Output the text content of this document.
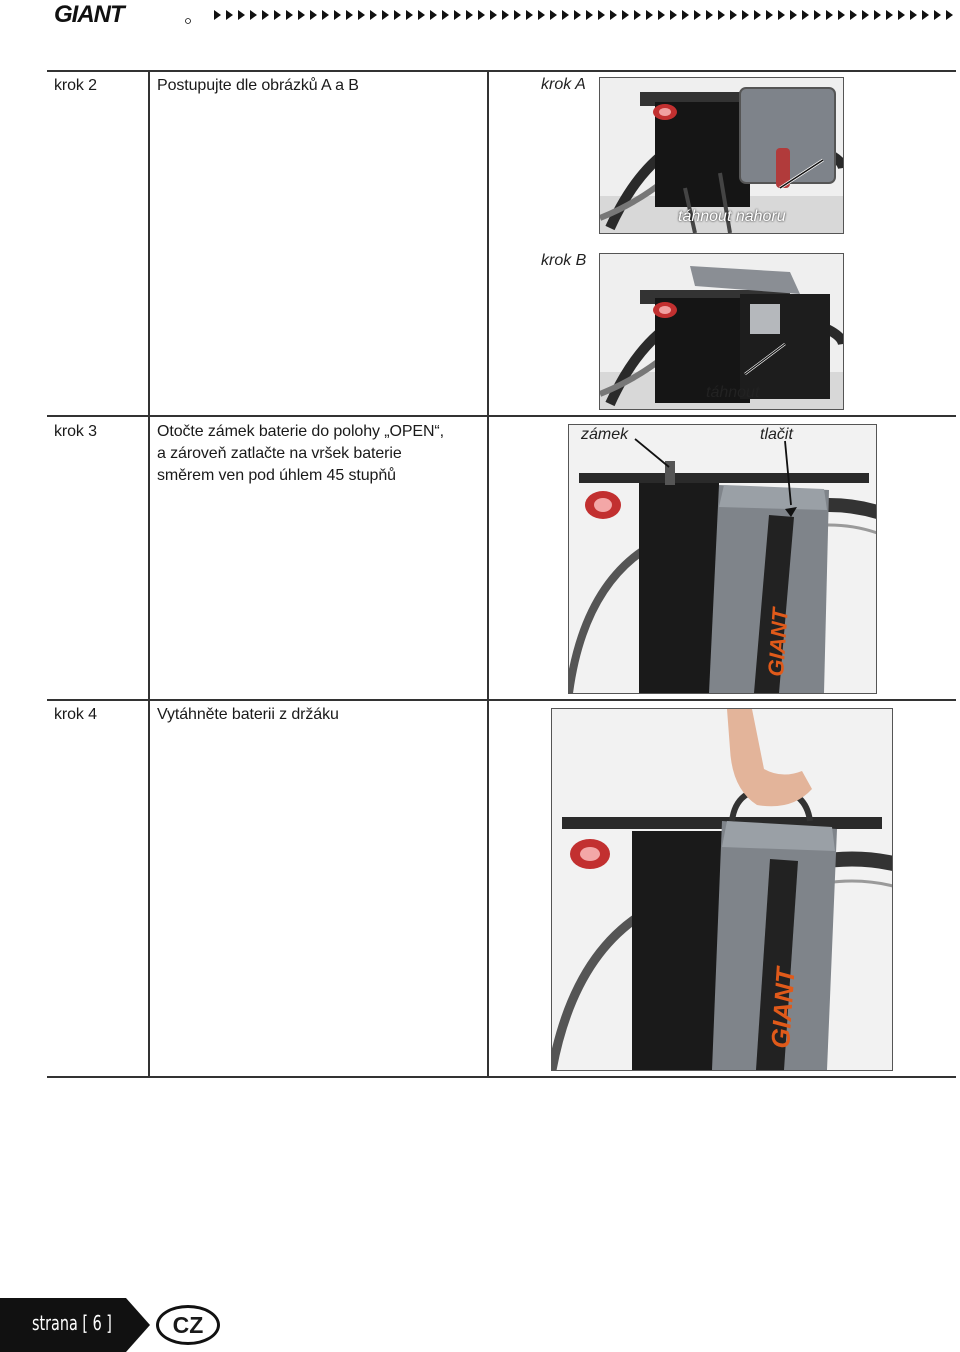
GIANT
krok 2	Postupujte dle obrázků A a B	krok A
táhnout nahoru
krok B
táhnout
krok 3	Otočte zámek baterie do polohy „OPEN“,
a zároveň zatlačte na vršek baterie
směrem ven pod úhlem 45 stupňů
GIANT
zámek	tlačit
krok 4	Vytáhněte baterii z držáku
GIANT
strana [ 6 ]	CZ
